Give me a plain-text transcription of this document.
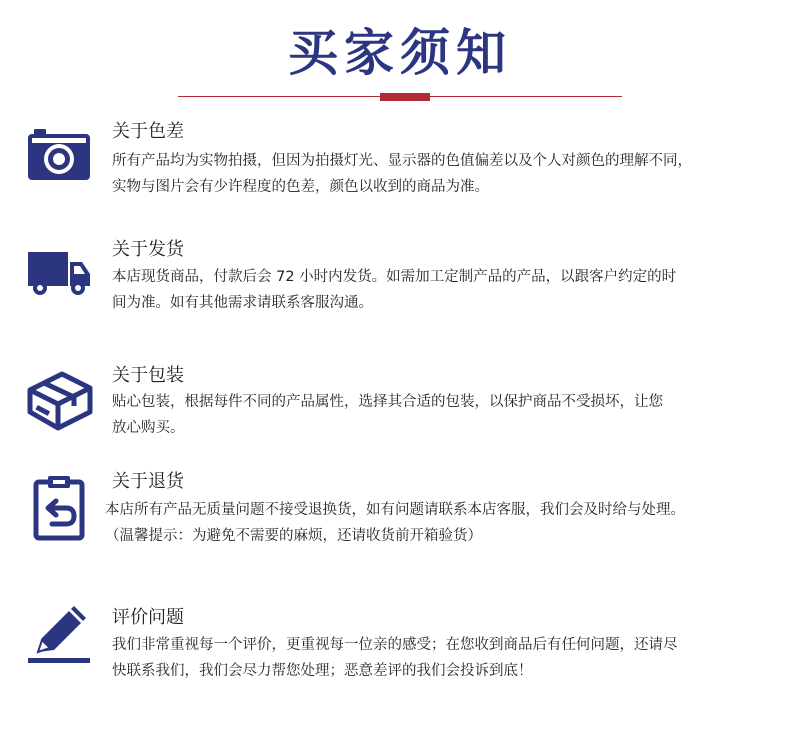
买家须知
关于色差
所有产品均为实物拍摄，但因为拍摄灯光、显示器的色值偏差以及个人对颜色的理解不同，
实物与图片会有少许程度的色差，颜色以收到的商品为准。
关于发货
本店现货商品，付款后会 72 小时内发货。如需加工定制产品的产品，以跟客户约定的时
间为准。如有其他需求请联系客服沟通。
关于包装
贴心包装，根据每件不同的产品属性，选择其合适的包装，以保护商品不受损坏，让您
放心购买。
关于退货
本店所有产品无质量问题不接受退换货，如有问题请联系本店客服，我们会及时给与处理。
（温馨提示：为避免不需要的麻烦，还请收货前开箱验货）
评价问题
我们非常重视每一个评价，更重视每一位亲的感受；在您收到商品后有任何问题，还请尽
快联系我们，我们会尽力帮您处理；恶意差评的我们会投诉到底！
